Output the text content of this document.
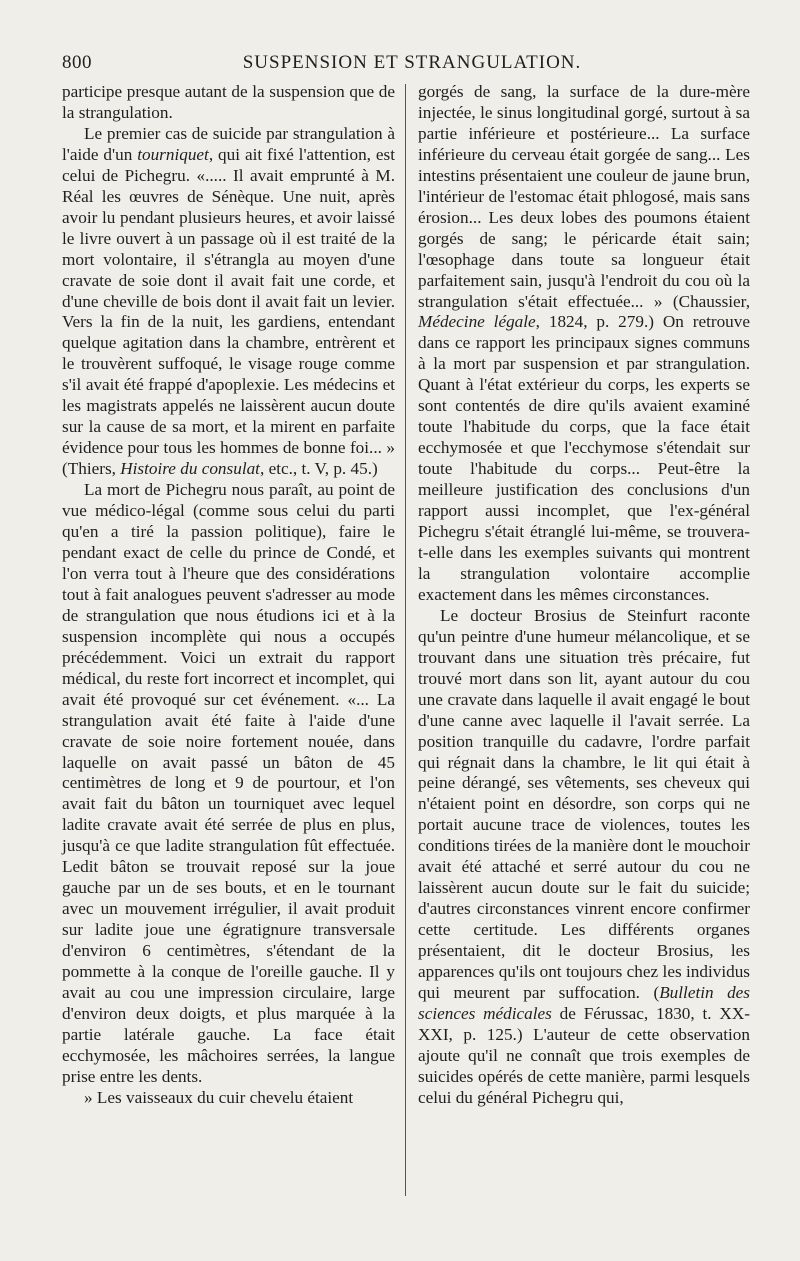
800	SUSPENSION ET STRANGULATION.

participe presque autant de la suspension que de la strangulation.

Le premier cas de suicide par strangulation à l'aide d'un tourniquet, qui ait fixé l'attention, est celui de Pichegru. «..... Il avait emprunté à M. Réal les œuvres de Sénèque. Une nuit, après avoir lu pendant plusieurs heures, et avoir laissé le livre ouvert à un passage où il est traité de la mort volontaire, il s'étrangla au moyen d'une cravate de soie dont il avait fait une corde, et d'une cheville de bois dont il avait fait un levier. Vers la fin de la nuit, les gardiens, entendant quelque agitation dans la chambre, entrèrent et le trouvèrent suffoqué, le visage rouge comme s'il avait été frappé d'apoplexie. Les médecins et les magistrats appelés ne laissèrent aucun doute sur la cause de sa mort, et la mirent en parfaite évidence pour tous les hommes de bonne foi... » (Thiers, Histoire du consulat, etc., t. V, p. 45.)

La mort de Pichegru nous paraît, au point de vue médico-légal (comme sous celui du parti qu'en a tiré la passion politique), faire le pendant exact de celle du prince de Condé, et l'on verra tout à l'heure que des considérations tout à fait analogues peuvent s'adresser au mode de strangulation que nous étudions ici et à la suspension incomplète qui nous a occupés précédemment. Voici un extrait du rapport médical, du reste fort incorrect et incomplet, qui avait été provoqué sur cet événement. «... La strangulation avait été faite à l'aide d'une cravate de soie noire fortement nouée, dans laquelle on avait passé un bâton de 45 centimètres de long et 9 de pourtour, et l'on avait fait du bâton un tourniquet avec lequel ladite cravate avait été serrée de plus en plus, jusqu'à ce que ladite strangulation fût effectuée. Ledit bâton se trouvait reposé sur la joue gauche par un de ses bouts, et en le tournant avec un mouvement irrégulier, il avait produit sur ladite joue une égratignure transversale d'environ 6 centimètres, s'étendant de la pommette à la conque de l'oreille gauche. Il y avait au cou une impression circulaire, large d'environ deux doigts, et plus marquée à la partie latérale gauche. La face était ecchymosée, les mâchoires serrées, la langue prise entre les dents.

» Les vaisseaux du cuir chevelu étaient

gorgés de sang, la surface de la dure-mère injectée, le sinus longitudinal gorgé, surtout à sa partie inférieure et postérieure... La surface inférieure du cerveau était gorgée de sang... Les intestins présentaient une couleur de jaune brun, l'intérieur de l'estomac était phlogosé, mais sans érosion... Les deux lobes des poumons étaient gorgés de sang; le péricarde était sain; l'œsophage dans toute sa longueur était parfaitement sain, jusqu'à l'endroit du cou où la strangulation s'était effectuée... » (Chaussier, Médecine légale, 1824, p. 279.) On retrouve dans ce rapport les principaux signes communs à la mort par suspension et par strangulation. Quant à l'état extérieur du corps, les experts se sont contentés de dire qu'ils avaient examiné toute l'habitude du corps, que la face était ecchymosée et que l'ecchymose s'étendait sur toute l'habitude du corps... Peut-être la meilleure justification des conclusions d'un rapport aussi incomplet, que l'ex-général Pichegru s'était étranglé lui-même, se trouvera-t-elle dans les exemples suivants qui montrent la strangulation volontaire accomplie exactement dans les mêmes circonstances.

Le docteur Brosius de Steinfurt raconte qu'un peintre d'une humeur mélancolique, et se trouvant dans une situation très précaire, fut trouvé mort dans son lit, ayant autour du cou une cravate dans laquelle il avait engagé le bout d'une canne avec laquelle il l'avait serrée. La position tranquille du cadavre, l'ordre parfait qui régnait dans la chambre, le lit qui était à peine dérangé, ses vêtements, ses cheveux qui n'étaient point en désordre, son corps qui ne portait aucune trace de violences, toutes les conditions tirées de la manière dont le mouchoir avait été attaché et serré autour du cou ne laissèrent aucun doute sur le fait du suicide; d'autres circonstances vinrent encore confirmer cette certitude. Les différents organes présentaient, dit le docteur Brosius, les apparences qu'ils ont toujours chez les individus qui meurent par suffocation. (Bulletin des sciences médicales de Férussac, 1830, t. XX-XXI, p. 125.) L'auteur de cette observation ajoute qu'il ne connaît que trois exemples de suicides opérés de cette manière, parmi lesquels celui du général Pichegru qui,
